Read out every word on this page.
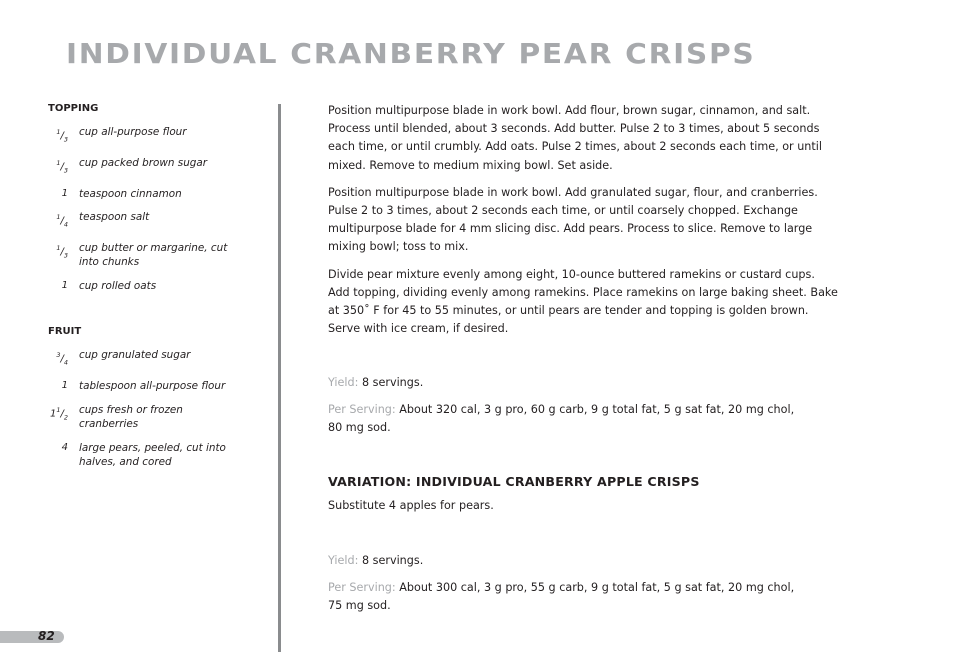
INDIVIDUAL CRANBERRY PEAR CRISPS
TOPPING
$^1/_3$
cup all-purpose flour
$^1/_3$
cup packed brown sugar
1 teaspoon cinnamon
$^1/_4$
teaspoon salt
$^1/_3$
cup butter or margarine, cut into chunks
1 cup rolled oats
FRUIT
$^3/_4$
cup granulated sugar
1 tablespoon all-purpose flour
$1^1/_2$
cups fresh or frozen cranberries
4 large pears, peeled, cut into halves, and cored

Position multipurpose blade in work bowl. Add flour, brown sugar, cinnamon, and salt. Process until blended, about 3 seconds. Add butter. Pulse 2 to 3 times, about 5 seconds each time, or until crumbly. Add oats. Pulse 2 times, about 2 seconds each time, or until mixed. Remove to medium mixing bowl. Set aside.

Position multipurpose blade in work bowl. Add granulated sugar, flour, and cranberries. Pulse 2 to 3 times, about 2 seconds each time, or until coarsely chopped. Exchange multipurpose blade for 4 mm slicing disc. Add pears. Process to slice. Remove to large mixing bowl; toss to mix.

Divide pear mixture evenly among eight, 10-ounce buttered ramekins or custard cups. Add topping, dividing evenly among ramekins. Place ramekins on large baking sheet. Bake at 350˚ F for 45 to 55 minutes, or until pears are tender and topping is golden brown. Serve with ice cream, if desired.

Yield: 8 servings.
Per Serving: About 320 cal, 3 g pro, 60 g carb, 9 g total fat, 5 g sat fat, 20 mg chol,
80 mg sod.
VARIATION: INDIVIDUAL CRANBERRY APPLE CRISPS
Substitute 4 apples for pears.
Yield: 8 servings.
Per Serving: About 300 cal, 3 g pro, 55 g carb, 9 g total fat, 5 g sat fat, 20 mg chol,
75 mg sod.
82
